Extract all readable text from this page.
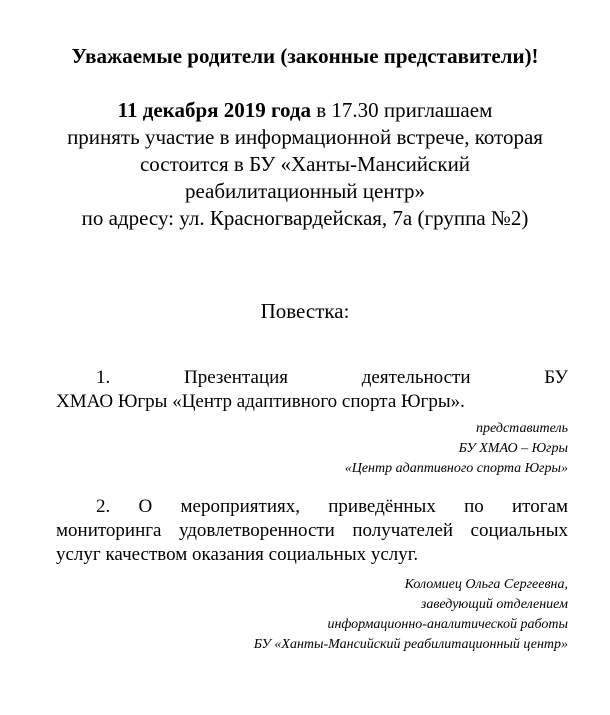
Уважаемые родители (законные представители)!
11 декабря 2019 года в 17.30 приглашаем
принять участие в информационной встрече, которая
состоится в БУ «Ханты-Мансийский
реабилитационный центр»
по адресу: ул. Красногвардейская, 7а (группа №2)
Повестка:
1.	Презентация	деятельности	БУ
ХМАО Югры «Центр адаптивного спорта Югры».
представитель
БУ ХМАО – Югры
«Центр адаптивного спорта Югры»
2. О мероприятиях, приведённых по итогам
мониторинга удовлетворенности получателей социальных
услуг качеством оказания социальных услуг.
Коломиец Ольга Сергеевна,
заведующий отделением
информационно-аналитической работы
БУ «Ханты-Мансийский реабилитационный центр»
